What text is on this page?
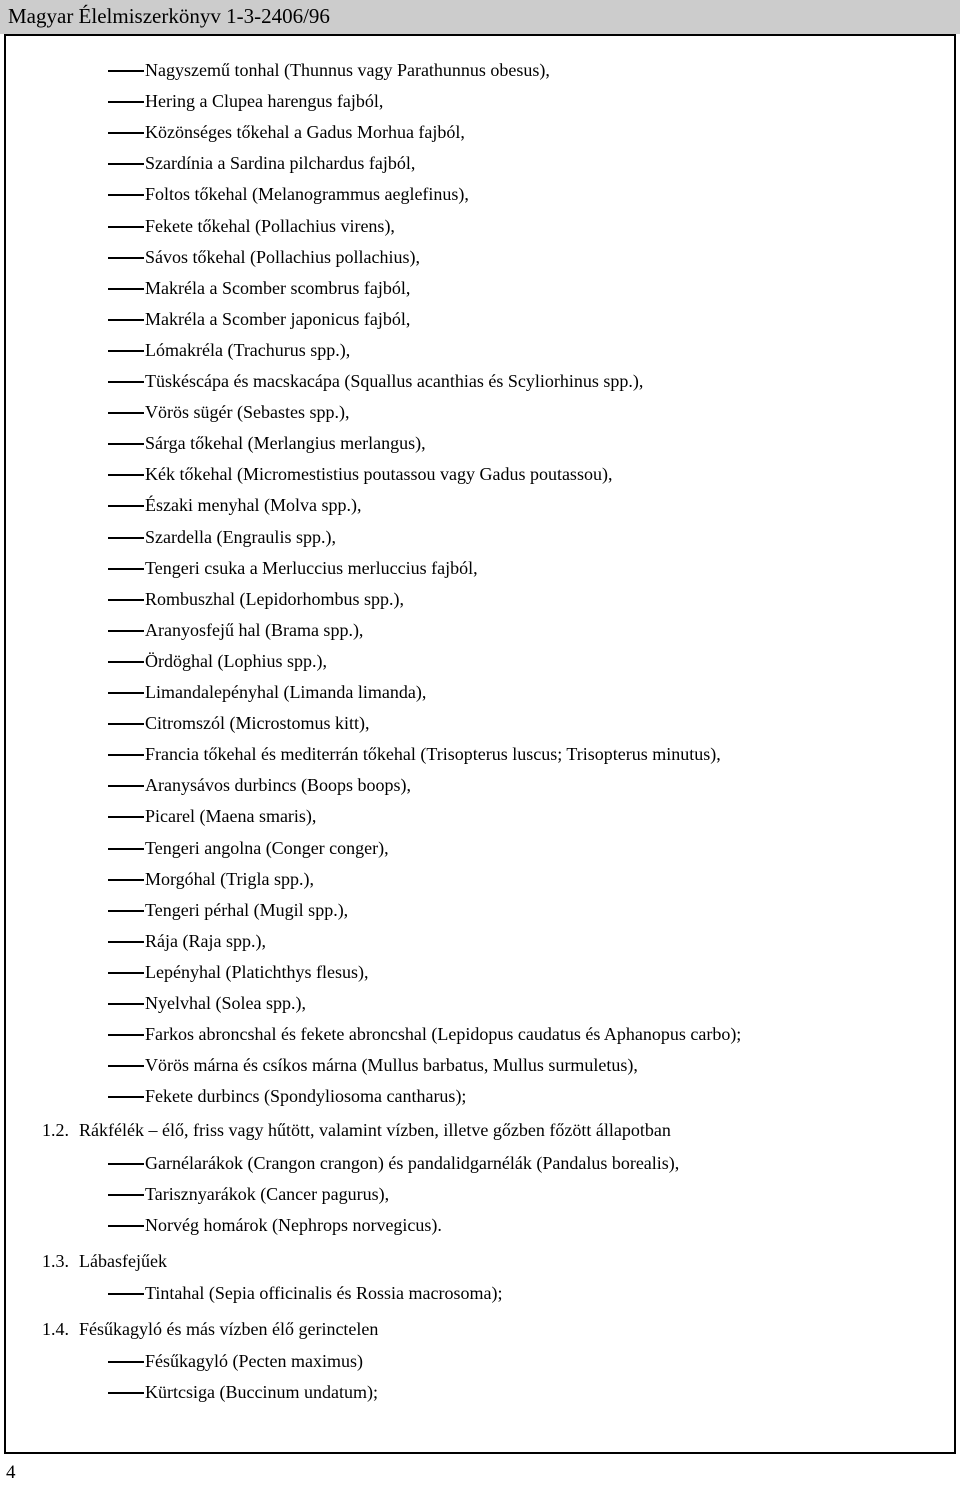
Magyar Élelmiszerkönyv 1-3-2406/96
Nagyszemű tonhal (Thunnus vagy Parathunnus obesus),
Hering a Clupea harengus fajból,
Közönséges tőkehal a Gadus Morhua fajból,
Szardínia a Sardina pilchardus fajból,
Foltos tőkehal (Melanogrammus aeglefinus),
Fekete tőkehal (Pollachius virens),
Sávos tőkehal (Pollachius pollachius),
Makréla a Scomber scombrus fajból,
Makréla a Scomber japonicus fajból,
Lómakréla (Trachurus spp.),
Tüskéscápa és macskacápa (Squallus acanthias és Scyliorhinus spp.),
Vörös sügér (Sebastes spp.),
Sárga tőkehal (Merlangius merlangus),
Kék tőkehal (Micromestistius poutassou vagy Gadus poutassou),
Északi menyhal (Molva spp.),
Szardella (Engraulis spp.),
Tengeri csuka a Merluccius merluccius fajból,
Rombuszhal (Lepidorhombus spp.),
Aranyosfejű hal (Brama spp.),
Ördöghal (Lophius spp.),
Limandalepényhal (Limanda limanda),
Citromszól (Microstomus kitt),
Francia tőkehal és mediterrán tőkehal (Trisopterus luscus; Trisopterus minutus),
Aranysávos durbincs (Boops boops),
Picarel (Maena smaris),
Tengeri angolna (Conger conger),
Morgóhal (Trigla spp.),
Tengeri pérhal (Mugil spp.),
Rája (Raja spp.),
Lepényhal (Platichthys flesus),
Nyelvhal (Solea spp.),
Farkos abroncshal és fekete abroncshal (Lepidopus caudatus és Aphanopus carbo);
Vörös márna és csíkos márna (Mullus barbatus, Mullus surmuletus),
Fekete durbincs (Spondyliosoma cantharus);
1.2. Rákfélék – élő, friss vagy hűtött, valamint vízben, illetve gőzben főzött állapotban
Garnélarákok (Crangon crangon) és pandalidgarnélák (Pandalus borealis),
Tarisznyarákok (Cancer pagurus),
Norvég homárok (Nephrops norvegicus).
1.3. Lábasfejűek
Tintahal (Sepia officinalis és Rossia macrosoma);
1.4. Fésűkagyló és más vízben élő gerinctelen
Fésűkagyló (Pecten maximus)
Kürtcsiga (Buccinum undatum);
4
